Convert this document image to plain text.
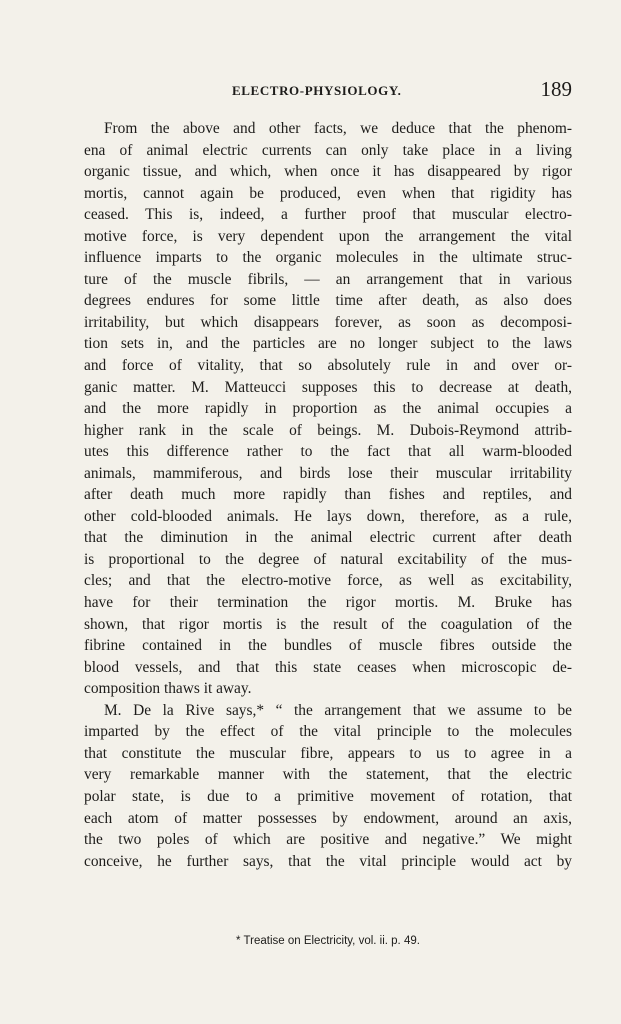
ELECTRO-PHYSIOLOGY.	189
From the above and other facts, we deduce that the phenom-
ena of animal electric currents can only take place in a living
organic tissue, and which, when once it has disappeared by rigor
mortis, cannot again be produced, even when that rigidity has
ceased. This is, indeed, a further proof that muscular electro-
motive force, is very dependent upon the arrangement the vital
influence imparts to the organic molecules in the ultimate struc-
ture of the muscle fibrils, — an arrangement that in various
degrees endures for some little time after death, as also does
irritability, but which disappears forever, as soon as decomposi-
tion sets in, and the particles are no longer subject to the laws
and force of vitality, that so absolutely rule in and over or-
ganic matter. M. Matteucci supposes this to decrease at death,
and the more rapidly in proportion as the animal occupies a
higher rank in the scale of beings. M. Dubois-Reymond attrib-
utes this difference rather to the fact that all warm-blooded
animals, mammiferous, and birds lose their muscular irritability
after death much more rapidly than fishes and reptiles, and
other cold-blooded animals. He lays down, therefore, as a rule,
that the diminution in the animal electric current after death
is proportional to the degree of natural excitability of the mus-
cles; and that the electro-motive force, as well as excitability,
have for their termination the rigor mortis. M. Bruke has
shown, that rigor mortis is the result of the coagulation of the
fibrine contained in the bundles of muscle fibres outside the
blood vessels, and that this state ceases when microscopic de-
composition thaws it away.
M. De la Rive says,* “ the arrangement that we assume to be
imparted by the effect of the vital principle to the molecules
that constitute the muscular fibre, appears to us to agree in a
very remarkable manner with the statement, that the electric
polar state, is due to a primitive movement of rotation, that
each atom of matter possesses by endowment, around an axis,
the two poles of which are positive and negative.” We might
conceive, he further says, that the vital principle would act by
* Treatise on Electricity, vol. ii. p. 49.
